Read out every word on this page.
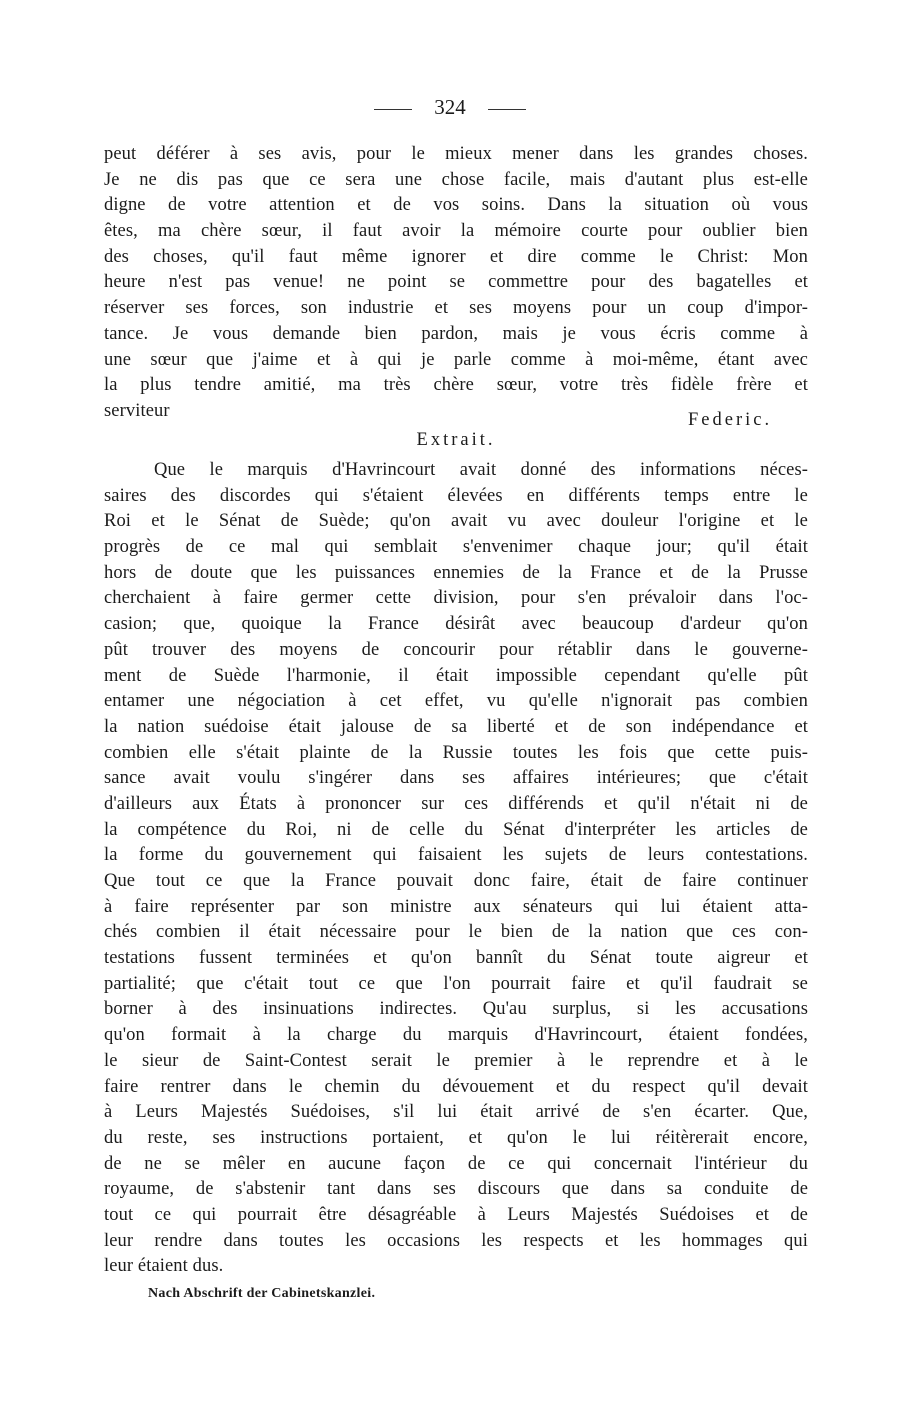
324
peut déférer à ses avis, pour le mieux mener dans les grandes choses.
Je ne dis pas que ce sera une chose facile, mais d'autant plus est-elle
digne de votre attention et de vos soins. Dans la situation où vous
êtes, ma chère sœur, il faut avoir la mémoire courte pour oublier bien
des choses, qu'il faut même ignorer et dire comme le Christ: Mon
heure n'est pas venue! ne point se commettre pour des bagatelles et
réserver ses forces, son industrie et ses moyens pour un coup d'impor-
tance. Je vous demande bien pardon, mais je vous écris comme à
une sœur que j'aime et à qui je parle comme à moi-même, étant avec
la plus tendre amitié, ma très chère sœur, votre très fidèle frère et
serviteur	Federic.
Extrait.
Que le marquis d'Havrincourt avait donné des informations néces-
saires des discordes qui s'étaient élevées en différents temps entre le
Roi et le Sénat de Suède; qu'on avait vu avec douleur l'origine et le
progrès de ce mal qui semblait s'envenimer chaque jour; qu'il était
hors de doute que les puissances ennemies de la France et de la Prusse
cherchaient à faire germer cette division, pour s'en prévaloir dans l'oc-
casion; que, quoique la France désirât avec beaucoup d'ardeur qu'on
pût trouver des moyens de concourir pour rétablir dans le gouverne-
ment de Suède l'harmonie, il était impossible cependant qu'elle pût
entamer une négociation à cet effet, vu qu'elle n'ignorait pas combien
la nation suédoise était jalouse de sa liberté et de son indépendance et
combien elle s'était plainte de la Russie toutes les fois que cette puis-
sance avait voulu s'ingérer dans ses affaires intérieures; que c'était
d'ailleurs aux États à prononcer sur ces différends et qu'il n'était ni de
la compétence du Roi, ni de celle du Sénat d'interpréter les articles de
la forme du gouvernement qui faisaient les sujets de leurs contestations.
Que tout ce que la France pouvait donc faire, était de faire continuer
à faire représenter par son ministre aux sénateurs qui lui étaient atta-
chés combien il était nécessaire pour le bien de la nation que ces con-
testations fussent terminées et qu'on bannît du Sénat toute aigreur et
partialité; que c'était tout ce que l'on pourrait faire et qu'il faudrait se
borner à des insinuations indirectes. Qu'au surplus, si les accusations
qu'on formait à la charge du marquis d'Havrincourt, étaient fondées,
le sieur de Saint-Contest serait le premier à le reprendre et à le
faire rentrer dans le chemin du dévouement et du respect qu'il devait
à Leurs Majestés Suédoises, s'il lui était arrivé de s'en écarter. Que,
du reste, ses instructions portaient, et qu'on le lui réitèrerait encore,
de ne se mêler en aucune façon de ce qui concernait l'intérieur du
royaume, de s'abstenir tant dans ses discours que dans sa conduite de
tout ce qui pourrait être désagréable à Leurs Majestés Suédoises et de
leur rendre dans toutes les occasions les respects et les hommages qui
leur étaient dus.
Nach Abschrift der Cabinetskanzlei.
